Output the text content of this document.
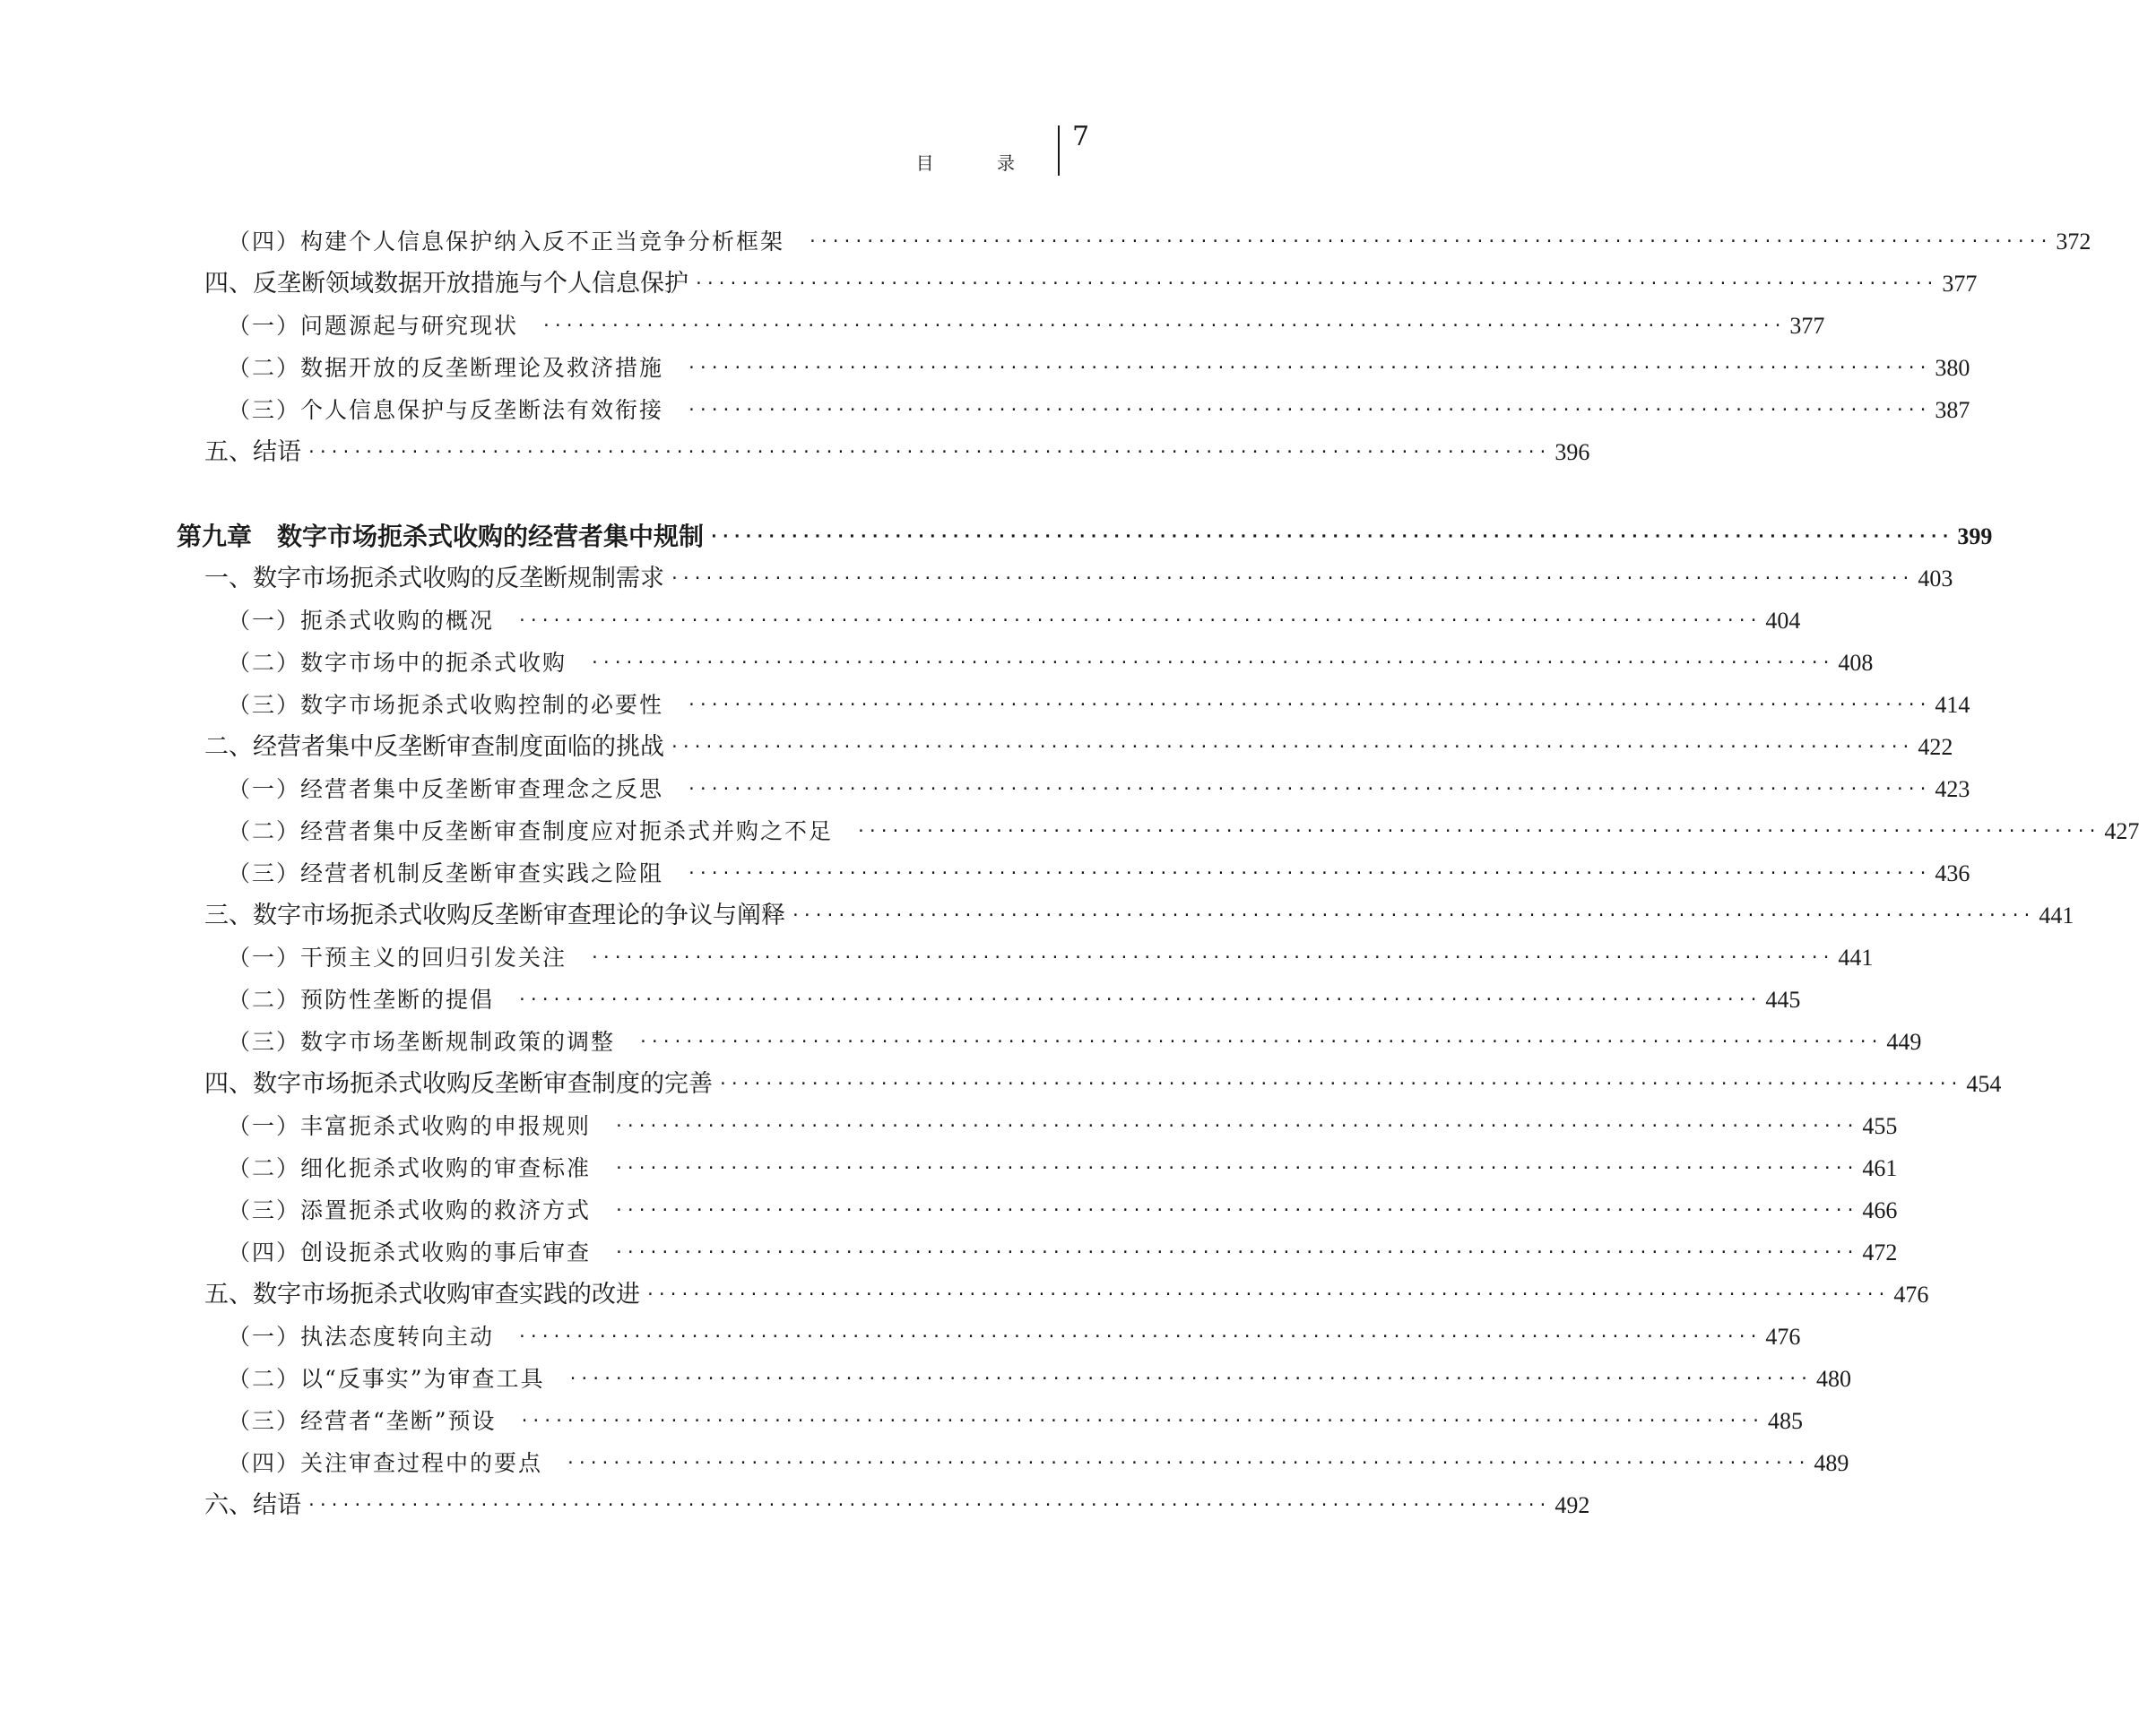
目 录
7
（四）构建个人信息保护纳入反不正当竞争分析框架 ············································································································ 372
四、反垄断领域数据开放措施与个人信息保护 ············································································································ 377
（一）问题源起与研究现状 ············································································································ 377
（二）数据开放的反垄断理论及救济措施 ············································································································ 380
（三）个人信息保护与反垄断法有效衔接 ············································································································ 387
五、结语 ············································································································ 396
第九章　数字市场扼杀式收购的经营者集中规制 ············································································································ 399
一、数字市场扼杀式收购的反垄断规制需求 ············································································································ 403
（一）扼杀式收购的概况 ············································································································ 404
（二）数字市场中的扼杀式收购 ············································································································ 408
（三）数字市场扼杀式收购控制的必要性 ············································································································ 414
二、经营者集中反垄断审查制度面临的挑战 ············································································································ 422
（一）经营者集中反垄断审查理念之反思 ············································································································ 423
（二）经营者集中反垄断审查制度应对扼杀式并购之不足 ············································································································ 427
（三）经营者机制反垄断审查实践之险阻 ············································································································ 436
三、数字市场扼杀式收购反垄断审查理论的争议与阐释 ············································································································ 441
（一）干预主义的回归引发关注 ············································································································ 441
（二）预防性垄断的提倡 ············································································································ 445
（三）数字市场垄断规制政策的调整 ············································································································ 449
四、数字市场扼杀式收购反垄断审查制度的完善 ············································································································ 454
（一）丰富扼杀式收购的申报规则 ············································································································ 455
（二）细化扼杀式收购的审查标准 ············································································································ 461
（三）添置扼杀式收购的救济方式 ············································································································ 466
（四）创设扼杀式收购的事后审查 ············································································································ 472
五、数字市场扼杀式收购审查实践的改进 ············································································································ 476
（一）执法态度转向主动 ············································································································ 476
（二）以“反事实”为审查工具 ············································································································ 480
（三）经营者“垄断”预设 ············································································································ 485
（四）关注审查过程中的要点 ············································································································ 489
六、结语 ············································································································ 492
